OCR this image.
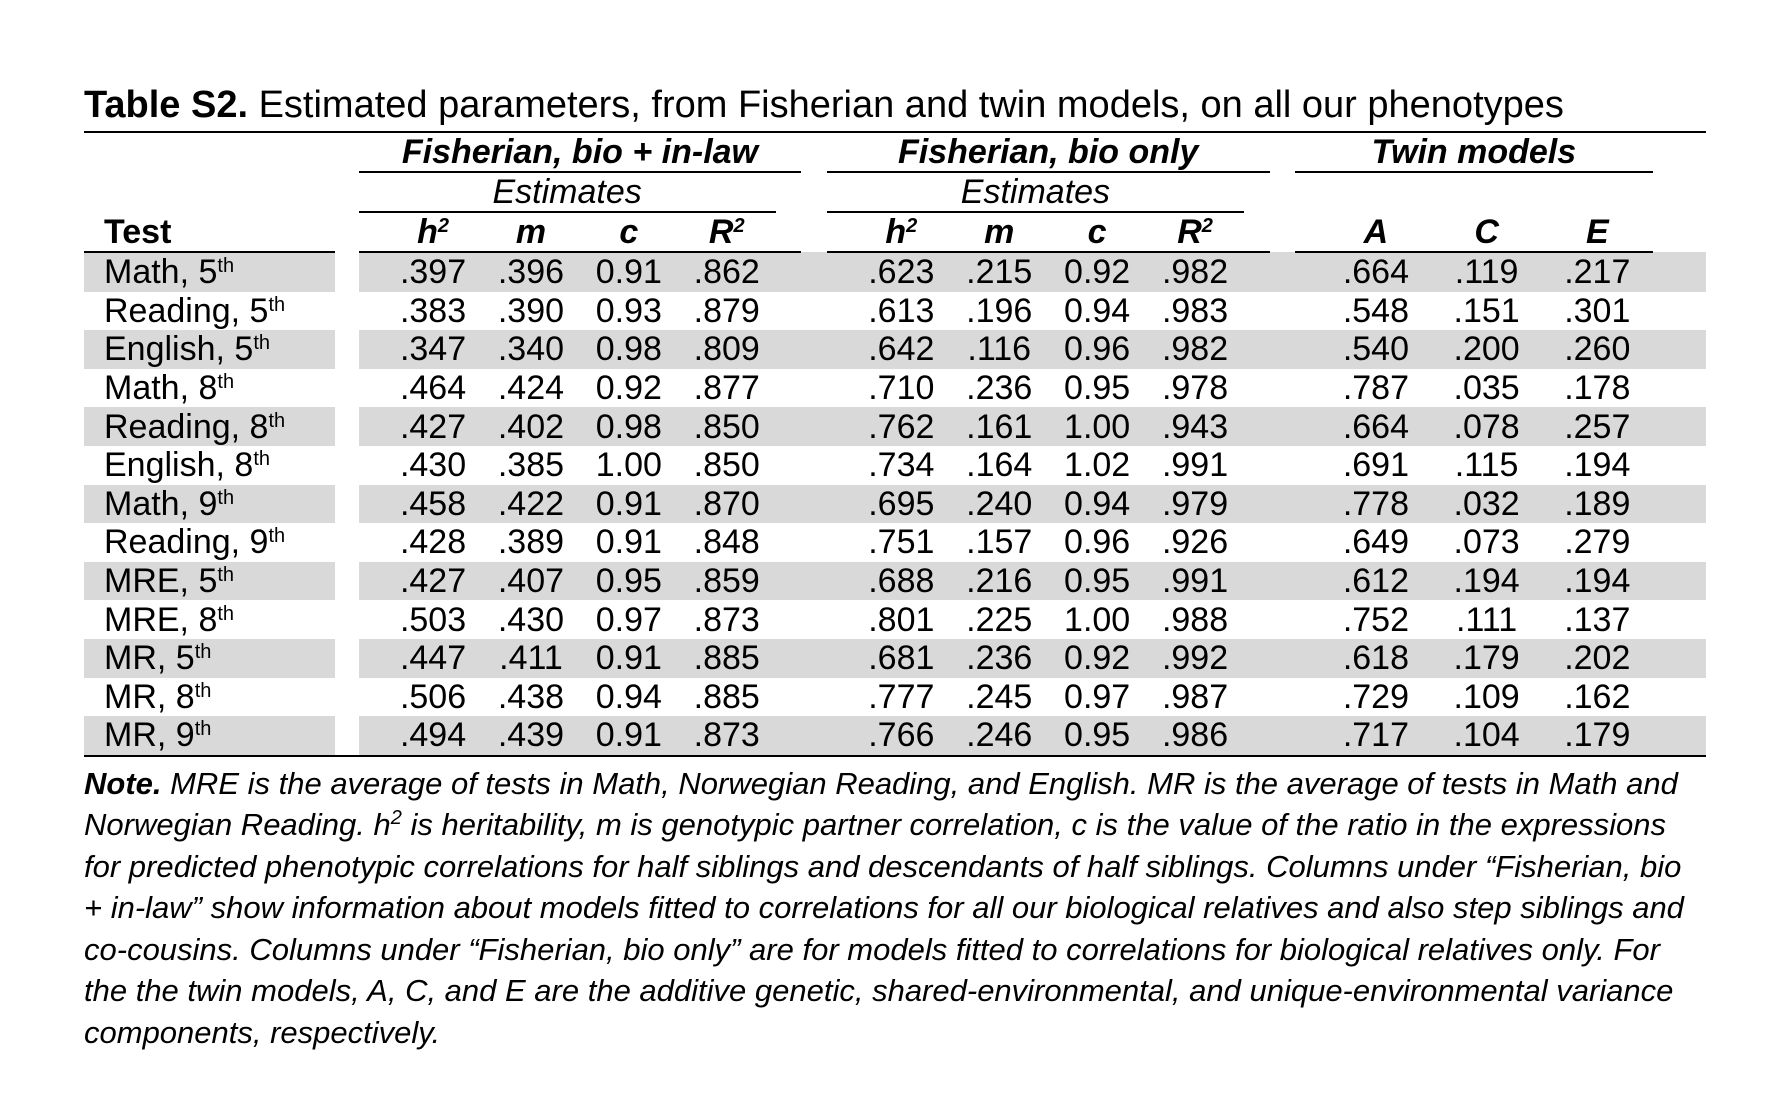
Table S2. Estimated parameters, from Fisherian and twin models, on all our phenotypes
		Fisherian, bio + in-law							Fisherian, bio only							Twin models				
		Estimates							Estimates											
Test			$h^2$	m	c	$R^2$				$h^2$	m	c	$R^2$				A	C	E	
Math, 5th			.397	.396	0.91	.862				.623	.215	0.92	.982				.664	.119	.217	
Reading, 5th			.383	.390	0.93	.879				.613	.196	0.94	.983				.548	.151	.301	
English, 5th			.347	.340	0.98	.809				.642	.116	0.96	.982				.540	.200	.260	
Math, 8th			.464	.424	0.92	.877				.710	.236	0.95	.978				.787	.035	.178	
Reading, 8th			.427	.402	0.98	.850				.762	.161	1.00	.943				.664	.078	.257	
English, 8th			.430	.385	1.00	.850				.734	.164	1.02	.991				.691	.115	.194	
Math, 9th			.458	.422	0.91	.870				.695	.240	0.94	.979				.778	.032	.189	
Reading, 9th			.428	.389	0.91	.848				.751	.157	0.96	.926				.649	.073	.279	
MRE, 5th			.427	.407	0.95	.859				.688	.216	0.95	.991				.612	.194	.194	
MRE, 8th			.503	.430	0.97	.873				.801	.225	1.00	.988				.752	.111	.137	
MR, 5th			.447	.411	0.91	.885				.681	.236	0.92	.992				.618	.179	.202	
MR, 8th			.506	.438	0.94	.885				.777	.245	0.97	.987				.729	.109	.162	
MR, 9th			.494	.439	0.91	.873				.766	.246	0.95	.986				.717	.104	.179	
Note. MRE is the average of tests in Math, Norwegian Reading, and English. MR is the average of tests in Math and Norwegian Reading. $h^2$ is heritability, m is genotypic partner correlation, c is the value of the ratio in the expressions for predicted phenotypic correlations for half siblings and descendants of half siblings. Columns under “Fisherian, bio + in-law” show information about models fitted to correlations for all our biological relatives and also step siblings and co-cousins. Columns under “Fisherian, bio only” are for models fitted to correlations for biological relatives only. For the the twin models, A, C, and E are the additive genetic, shared-environmental, and unique-environmental variance components, respectively.
